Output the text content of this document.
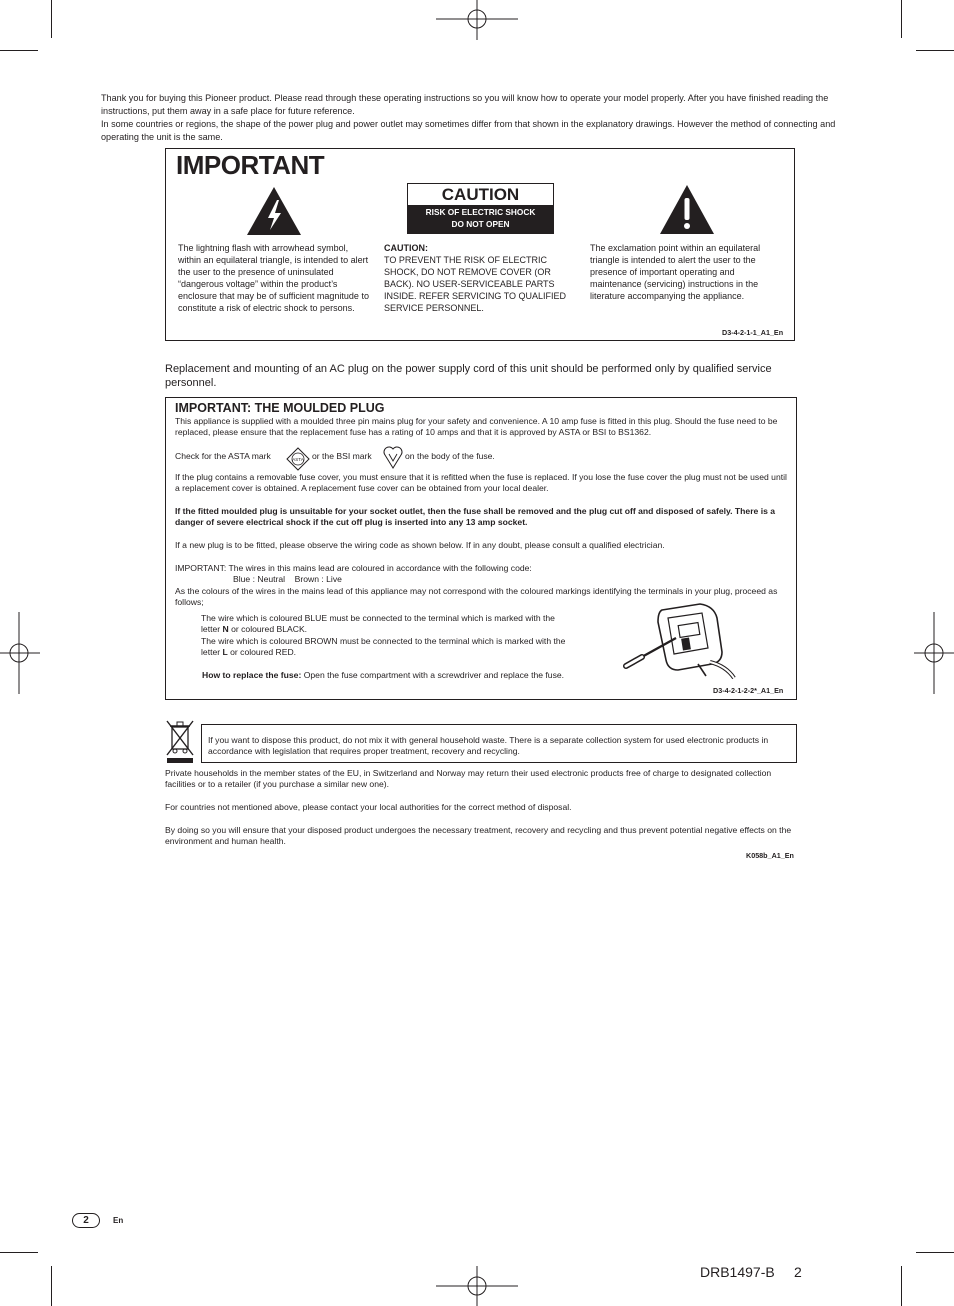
Thank you for buying this Pioneer product. Please read through these operating instructions so you will know how to operate your model properly. After you have finished reading the instructions, put them away in a safe place for future reference.

In some countries or regions, the shape of the power plug and power outlet may sometimes differ from that shown in the explanatory drawings. However the method of connecting and operating the unit is the same.

IMPORTANT
CAUTION
RISK OF ELECTRIC SHOCK
DO NOT OPEN
The lightning flash with arrowhead symbol, within an equilateral triangle, is intended to alert the user to the presence of uninsulated “dangerous voltage” within the product’s enclosure that may be of sufficient magnitude to constitute a risk of electric shock to persons.
CAUTION:
TO PREVENT THE RISK OF ELECTRIC SHOCK, DO NOT REMOVE COVER (OR BACK). NO USER-SERVICEABLE PARTS INSIDE. REFER SERVICING TO QUALIFIED SERVICE PERSONNEL.
The exclamation point within an equilateral triangle is intended to alert the user to the presence of important operating and maintenance (servicing) instructions in the literature accompanying the appliance.
D3-4-2-1-1_A1_En
Replacement and mounting of an AC plug on the power supply cord of this unit should be performed only by qualified service personnel.
IMPORTANT: THE MOULDED PLUG
This appliance is supplied with a moulded three pin mains plug for your safety and convenience. A 10 amp fuse is fitted in this plug. Should the fuse need to be replaced, please ensure that the replacement fuse has a rating of 10 amps and that it is approved by ASTA or BSI to BS1362.
Check for the ASTA mark	ASTA or the BSI mark	on the body of the fuse.
If the plug contains a removable fuse cover, you must ensure that it is refitted when the fuse is replaced. If you lose the fuse cover the plug must not be used until a replacement cover is obtained. A replacement fuse cover can be obtained from your local dealer.
If the fitted moulded plug is unsuitable for your socket outlet, then the fuse shall be removed and the plug cut off and disposed of safely. There is a danger of severe electrical shock if the cut off plug is inserted into any 13 amp socket.
If a new plug is to be fitted, please observe the wiring code as shown below. If in any doubt, please consult a qualified electrician.
IMPORTANT: The wires in this mains lead are coloured in accordance with the following code:
Blue : Neutral    Brown : Live
As the colours of the wires in the mains lead of this appliance may not correspond with the coloured markings identifying the terminals in your plug, proceed as follows;
The wire which is coloured BLUE must be connected to the terminal which is marked with the
letter N or coloured BLACK.
The wire which is coloured BROWN must be connected to the terminal which is marked with the
letter L or coloured RED.
How to replace the fuse: Open the fuse compartment with a screwdriver and replace the fuse.
D3-4-2-1-2-2*_A1_En
If you want to dispose this product, do not mix it with general household waste. There is a separate collection system for used electronic products in accordance with legislation that requires proper treatment, recovery and recycling.
Private households in the member states of the EU, in Switzerland and Norway may return their used electronic products free of charge to designated collection facilities or to a retailer (if you purchase a similar new one).
For countries not mentioned above, please contact your local authorities for the correct method of disposal.
By doing so you will ensure that your disposed product undergoes the necessary treatment, recovery and recycling and thus prevent potential negative effects on the environment and human health.
K058b_A1_En
2	En
DRB1497-B 2
